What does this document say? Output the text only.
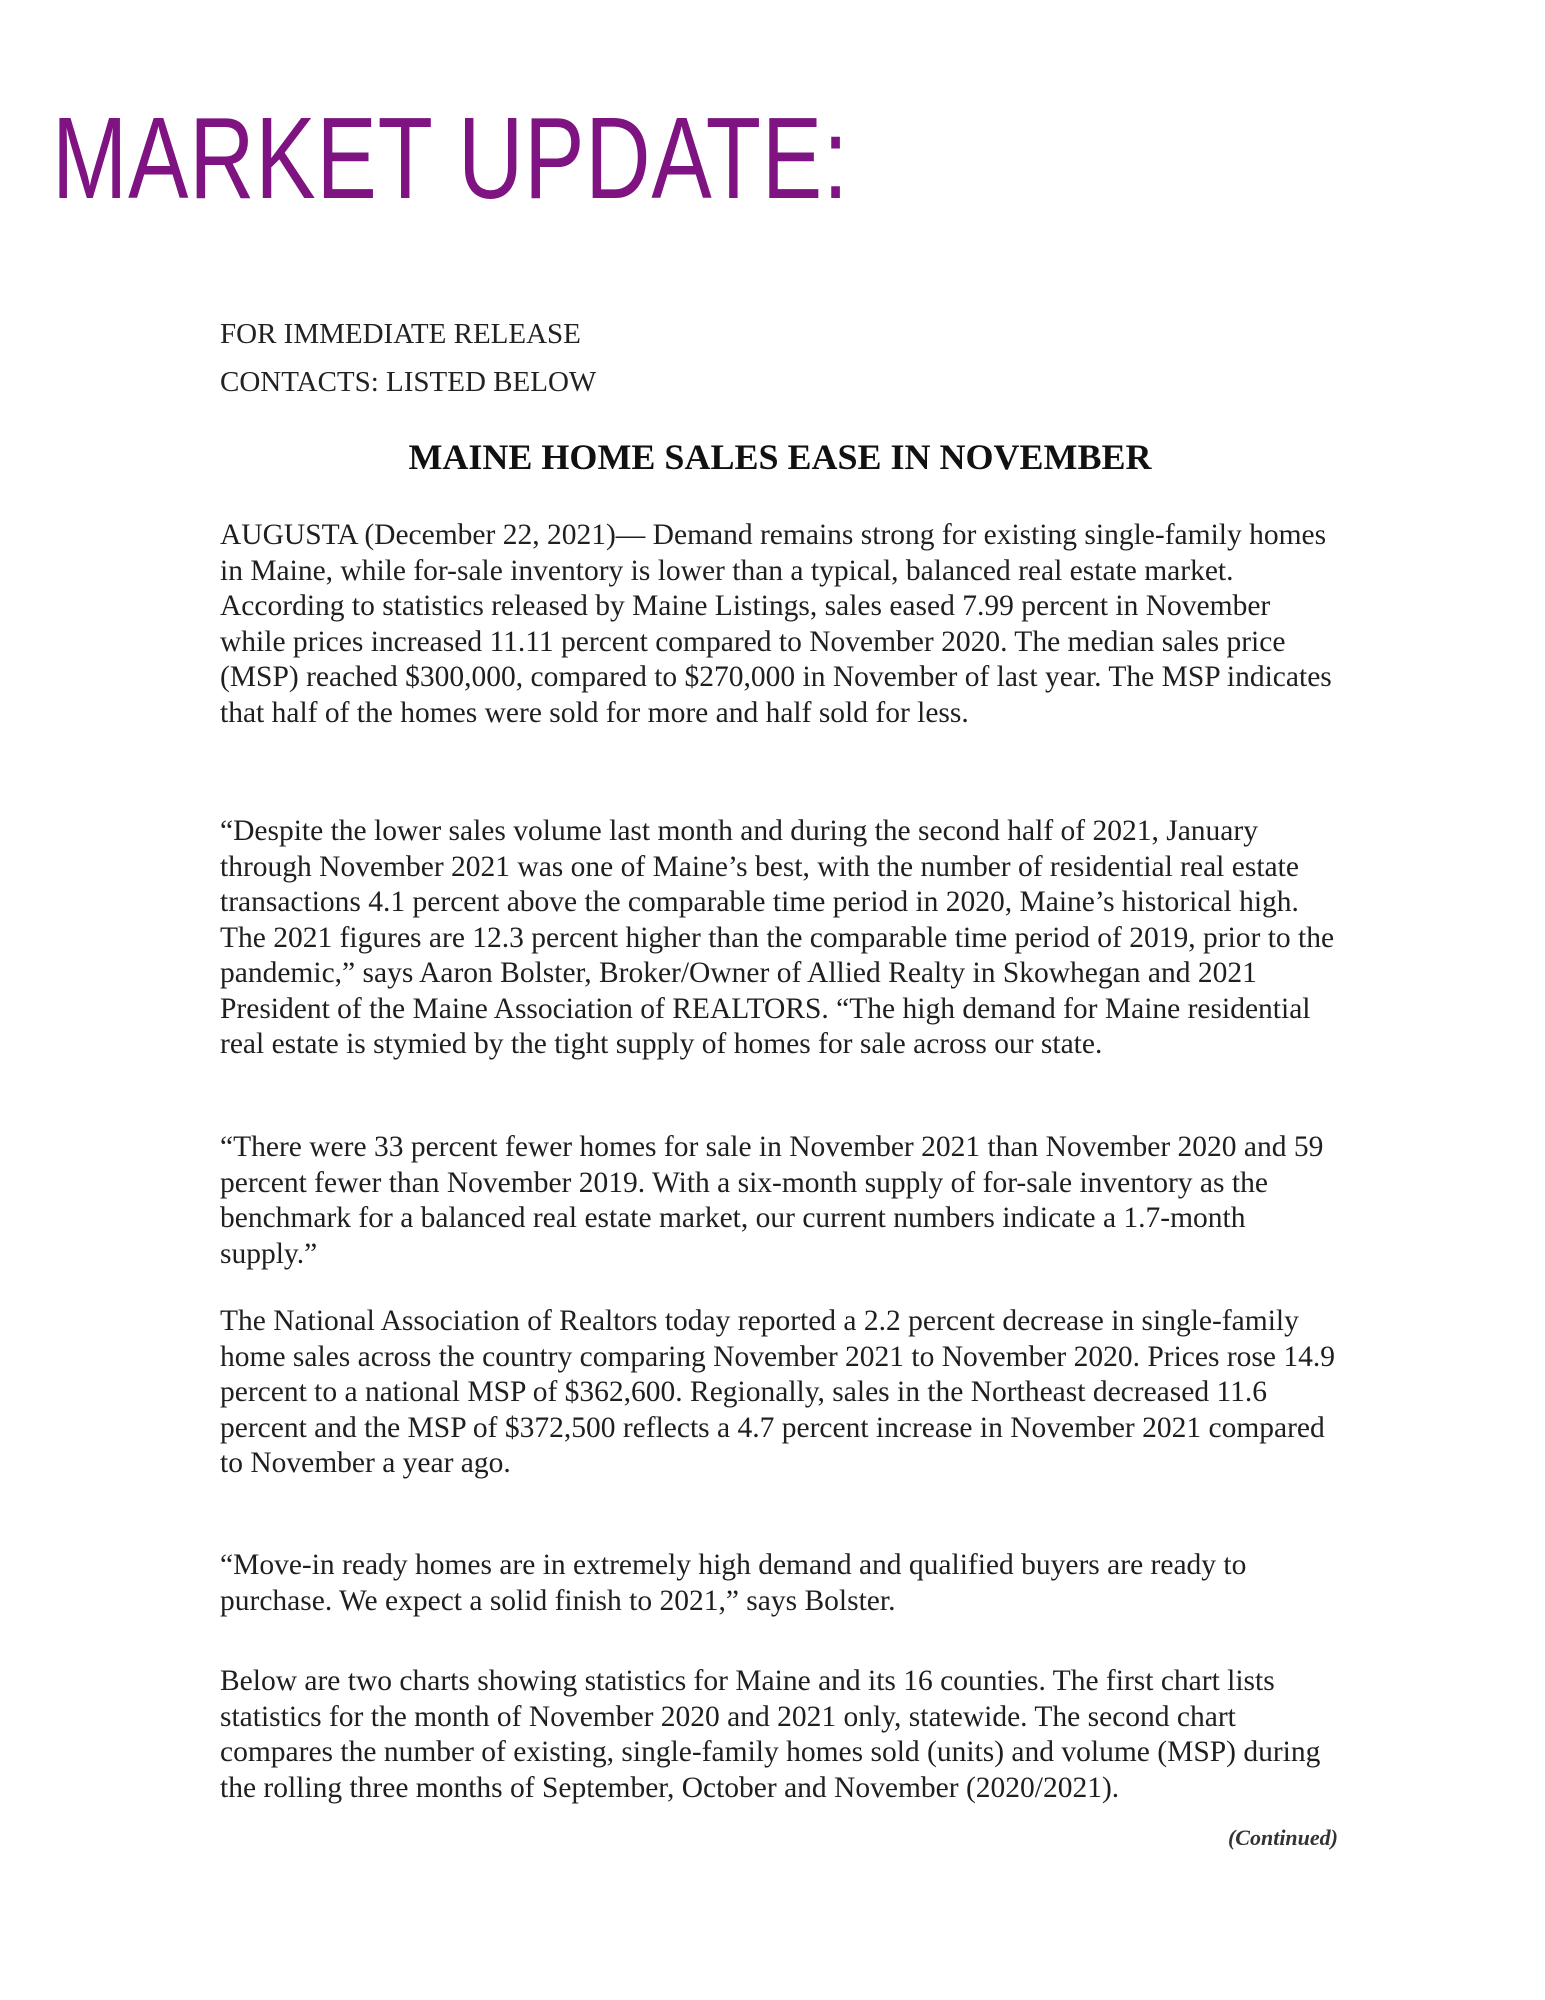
MARKET UPDATE:
FOR IMMEDIATE RELEASE
CONTACTS: LISTED BELOW
MAINE HOME SALES EASE IN NOVEMBER

AUGUSTA (December 22, 2021)— Demand remains strong for existing single-family homes in Maine, while for-sale inventory is lower than a typical, balanced real estate market. According to statistics released by Maine Listings, sales eased 7.99 percent in November while prices increased 11.11 percent compared to November 2020. The median sales price (MSP) reached $300,000, compared to $270,000 in November of last year. The MSP indicates that half of the homes were sold for more and half sold for less.

“Despite the lower sales volume last month and during the second half of 2021, January through November 2021 was one of Maine’s best, with the number of residential real estate transactions 4.1 percent above the comparable time period in 2020, Maine’s historical high. The 2021 figures are 12.3 percent higher than the comparable time period of 2019, prior to the pandemic,” says Aaron Bolster, Broker/Owner of Allied Realty in Skowhegan and 2021 President of the Maine Association of REALTORS. “The high demand for Maine residential real estate is stymied by the tight supply of homes for sale across our state.

“There were 33 percent fewer homes for sale in November 2021 than November 2020 and 59 percent fewer than November 2019. With a six-month supply of for-sale inventory as the benchmark for a balanced real estate market, our current numbers indicate a 1.7-month supply.”

The National Association of Realtors today reported a 2.2 percent decrease in single-family home sales across the country comparing November 2021 to November 2020. Prices rose 14.9 percent to a national MSP of $362,600. Regionally, sales in the Northeast decreased 11.6 percent and the MSP of $372,500 reflects a 4.7 percent increase in November 2021 compared to November a year ago.

“Move-in ready homes are in extremely high demand and qualified buyers are ready to purchase. We expect a solid finish to 2021,” says Bolster.

Below are two charts showing statistics for Maine and its 16 counties. The first chart lists statistics for the month of November 2020 and 2021 only, statewide. The second chart compares the number of existing, single-family homes sold (units) and volume (MSP) during the rolling three months of September, October and November (2020/2021).

(Continued)
